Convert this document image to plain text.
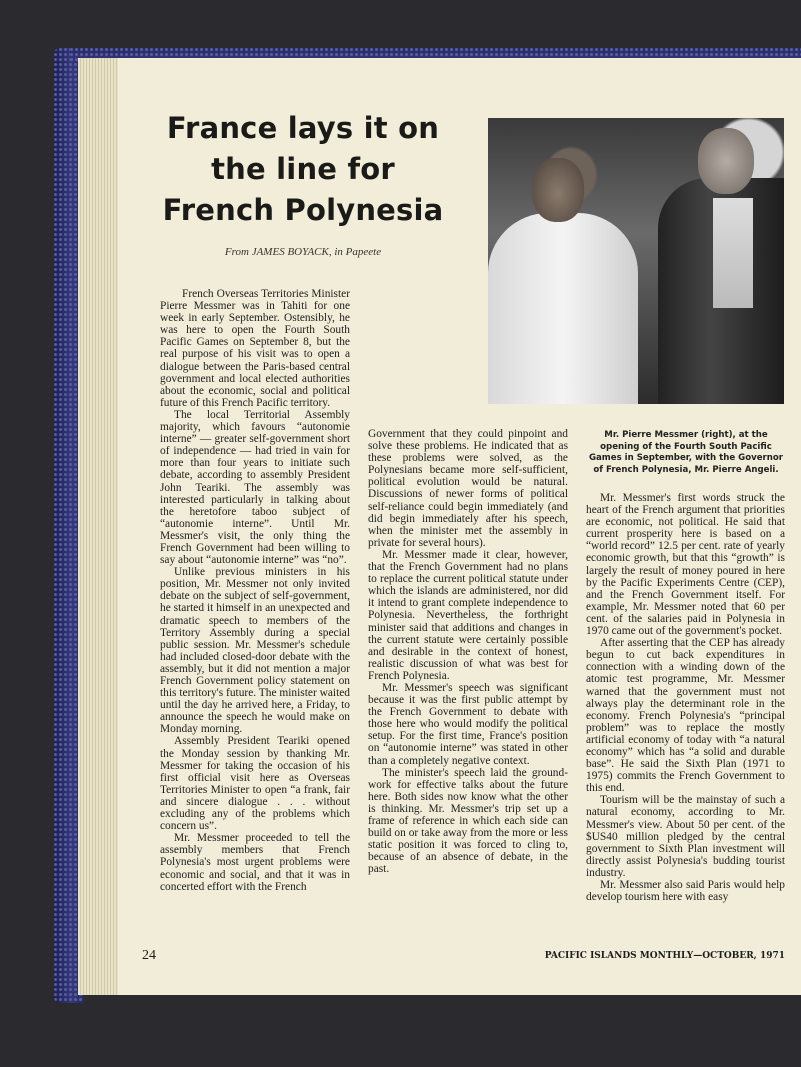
France lays it on
the line for
French Polynesia
From JAMES BOYACK, in Papeete

Mr. Pierre Messmer (right), at the opening of the Fourth South Pacific Games in September, with the Governor of French Polynesia, Mr. Pierre Angeli.

French Overseas Territories Minister Pierre Messmer was in Tahiti for one week in early September. Ostensibly, he was here to open the Fourth South Pacific Games on September 8, but the real purpose of his visit was to open a dialogue between the Paris-based central government and local elected authorities about the economic, social and political future of this French Pacific territory.

The local Territorial Assembly majority, which favours “autonomie interne” — greater self-government short of independence — had tried in vain for more than four years to initiate such debate, according to assembly President John Teariki. The assembly was interested particularly in talking about the heretofore taboo subject of “autonomie interne”. Until Mr. Messmer's visit, the only thing the French Government had been willing to say about “autonomie interne” was “no”.

Unlike previous ministers in his position, Mr. Messmer not only invited debate on the subject of self-government, he started it himself in an unexpected and dramatic speech to members of the Territory Assembly during a special public session. Mr. Messmer's schedule had included closed-door debate with the assembly, but it did not mention a major French Government policy statement on this territory's future. The minister waited until the day he arrived here, a Friday, to announce the speech he would make on Monday morning.

Assembly President Teariki opened the Monday session by thanking Mr. Messmer for taking the occasion of his first official visit here as Overseas Territories Minister to open “a frank, fair and sincere dialogue . . . without excluding any of the problems which concern us”.

Mr. Messmer proceeded to tell the assembly members that French Polynesia's most urgent problems were economic and social, and that it was in concerted effort with the French

Government that they could pinpoint and solve these problems. He indicated that as these problems were solved, as the Polynesians became more self-sufficient, political evolution would be natural. Discussions of newer forms of political self-reliance could begin immediately (and did begin immediately after his speech, when the minister met the assembly in private for several hours).

Mr. Messmer made it clear, however, that the French Government had no plans to replace the current political statute under which the islands are administered, nor did it intend to grant complete independence to Polynesia. Nevertheless, the forthright minister said that additions and changes in the current statute were certainly possible and desirable in the context of honest, realistic discussion of what was best for French Polynesia.

Mr. Messmer's speech was significant because it was the first public attempt by the French Government to debate with those here who would modify the political setup. For the first time, France's position on “autonomie interne” was stated in other than a completely negative context.

The minister's speech laid the ground-work for effective talks about the future here. Both sides now know what the other is thinking. Mr. Messmer's trip set up a frame of reference in which each side can build on or take away from the more or less static position it was forced to cling to, because of an absence of debate, in the past.

Mr. Messmer's first words struck the heart of the French argument that priorities are economic, not political. He said that current prosperity here is based on a “world record” 12.5 per cent. rate of yearly economic growth, but that this “growth” is largely the result of money poured in here by the Pacific Experiments Centre (CEP), and the French Government itself. For example, Mr. Messmer noted that 60 per cent. of the salaries paid in Polynesia in 1970 came out of the government's pocket.

After asserting that the CEP has already begun to cut back expenditures in connection with a winding down of the atomic test programme, Mr. Messmer warned that the government must not always play the determinant role in the economy. French Polynesia's “principal problem” was to replace the mostly artificial economy of today with “a natural economy” which has “a solid and durable base”. He said the Sixth Plan (1971 to 1975) commits the French Government to this end.

Tourism will be the mainstay of such a natural economy, according to Mr. Messmer's view. About 50 per cent. of the $US40 million pledged by the central government to Sixth Plan investment will directly assist Polynesia's budding tourist industry.

Mr. Messmer also said Paris would help develop tourism here with easy

24	PACIFIC ISLANDS MONTHLY—OCTOBER, 1971
